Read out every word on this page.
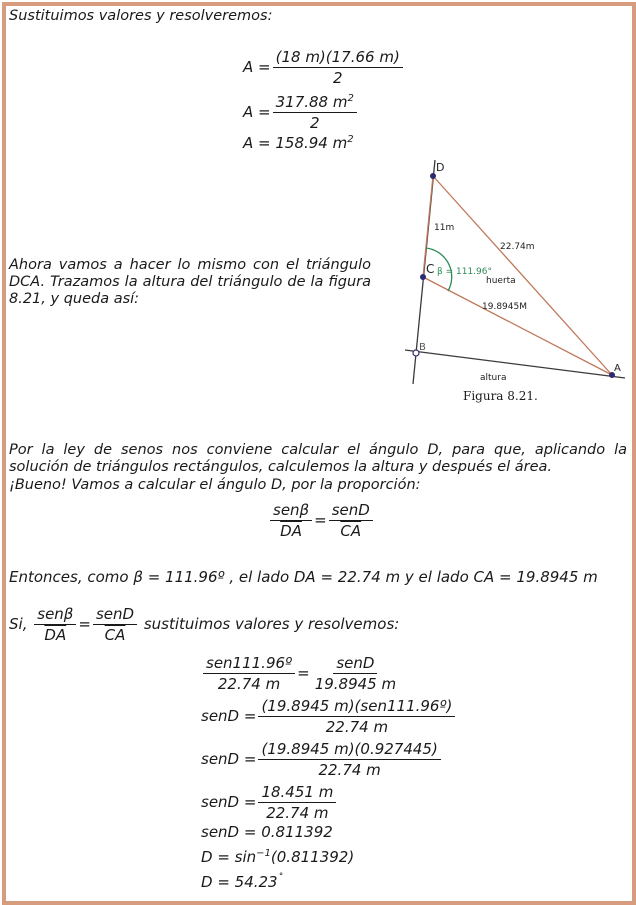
Sustituimos valores y resolveremos:
$A = \frac{(18 m)(17.66 m)}{2}$
$A = \frac{317.88 m^2}{2}$
A = 158.94 $m^2$
Ahora vamos a hacer lo mismo con el triángulo DCA. Trazamos la altura del triángulo de la figura 8.21, y queda así:
D
C
B
A
11m
22.74m
β = 111.96°
huerta
19.8945M
altura
Figura 8.21.
Por la ley de senos nos conviene calcular el ángulo D, para que, aplicando la solución de triángulos rectángulos, calculemos la altura y después el área.
¡Bueno! Vamos a calcular el ángulo D, por la proporción:
$\frac{\text{senβ}}{DA} = \frac{\text{senD}}{CA}$
Entonces, como β = 111.96º , el lado DA = 22.74 m y el lado CA = 19.8945 m
Si,
$\frac{\text{senβ}}{DA} = \frac{\text{senD}}{CA}$
sustituimos valores y resolvemos:
$\frac{\text{sen111.96º}}{22.74 m} = \frac{\text{senD}}{19.8945 m}$
senD = $\frac{\text{(19.8945 m)(sen111.96º)}}{22.74 m}$
senD = $\frac{(19.8945 m)(0.927445)}{22.74 m}$
senD = $\frac{18.451 m}{22.74 m}$
senD = 0.811392
$D = \sin^{-1}(0.811392)$
D = 54.23˚
